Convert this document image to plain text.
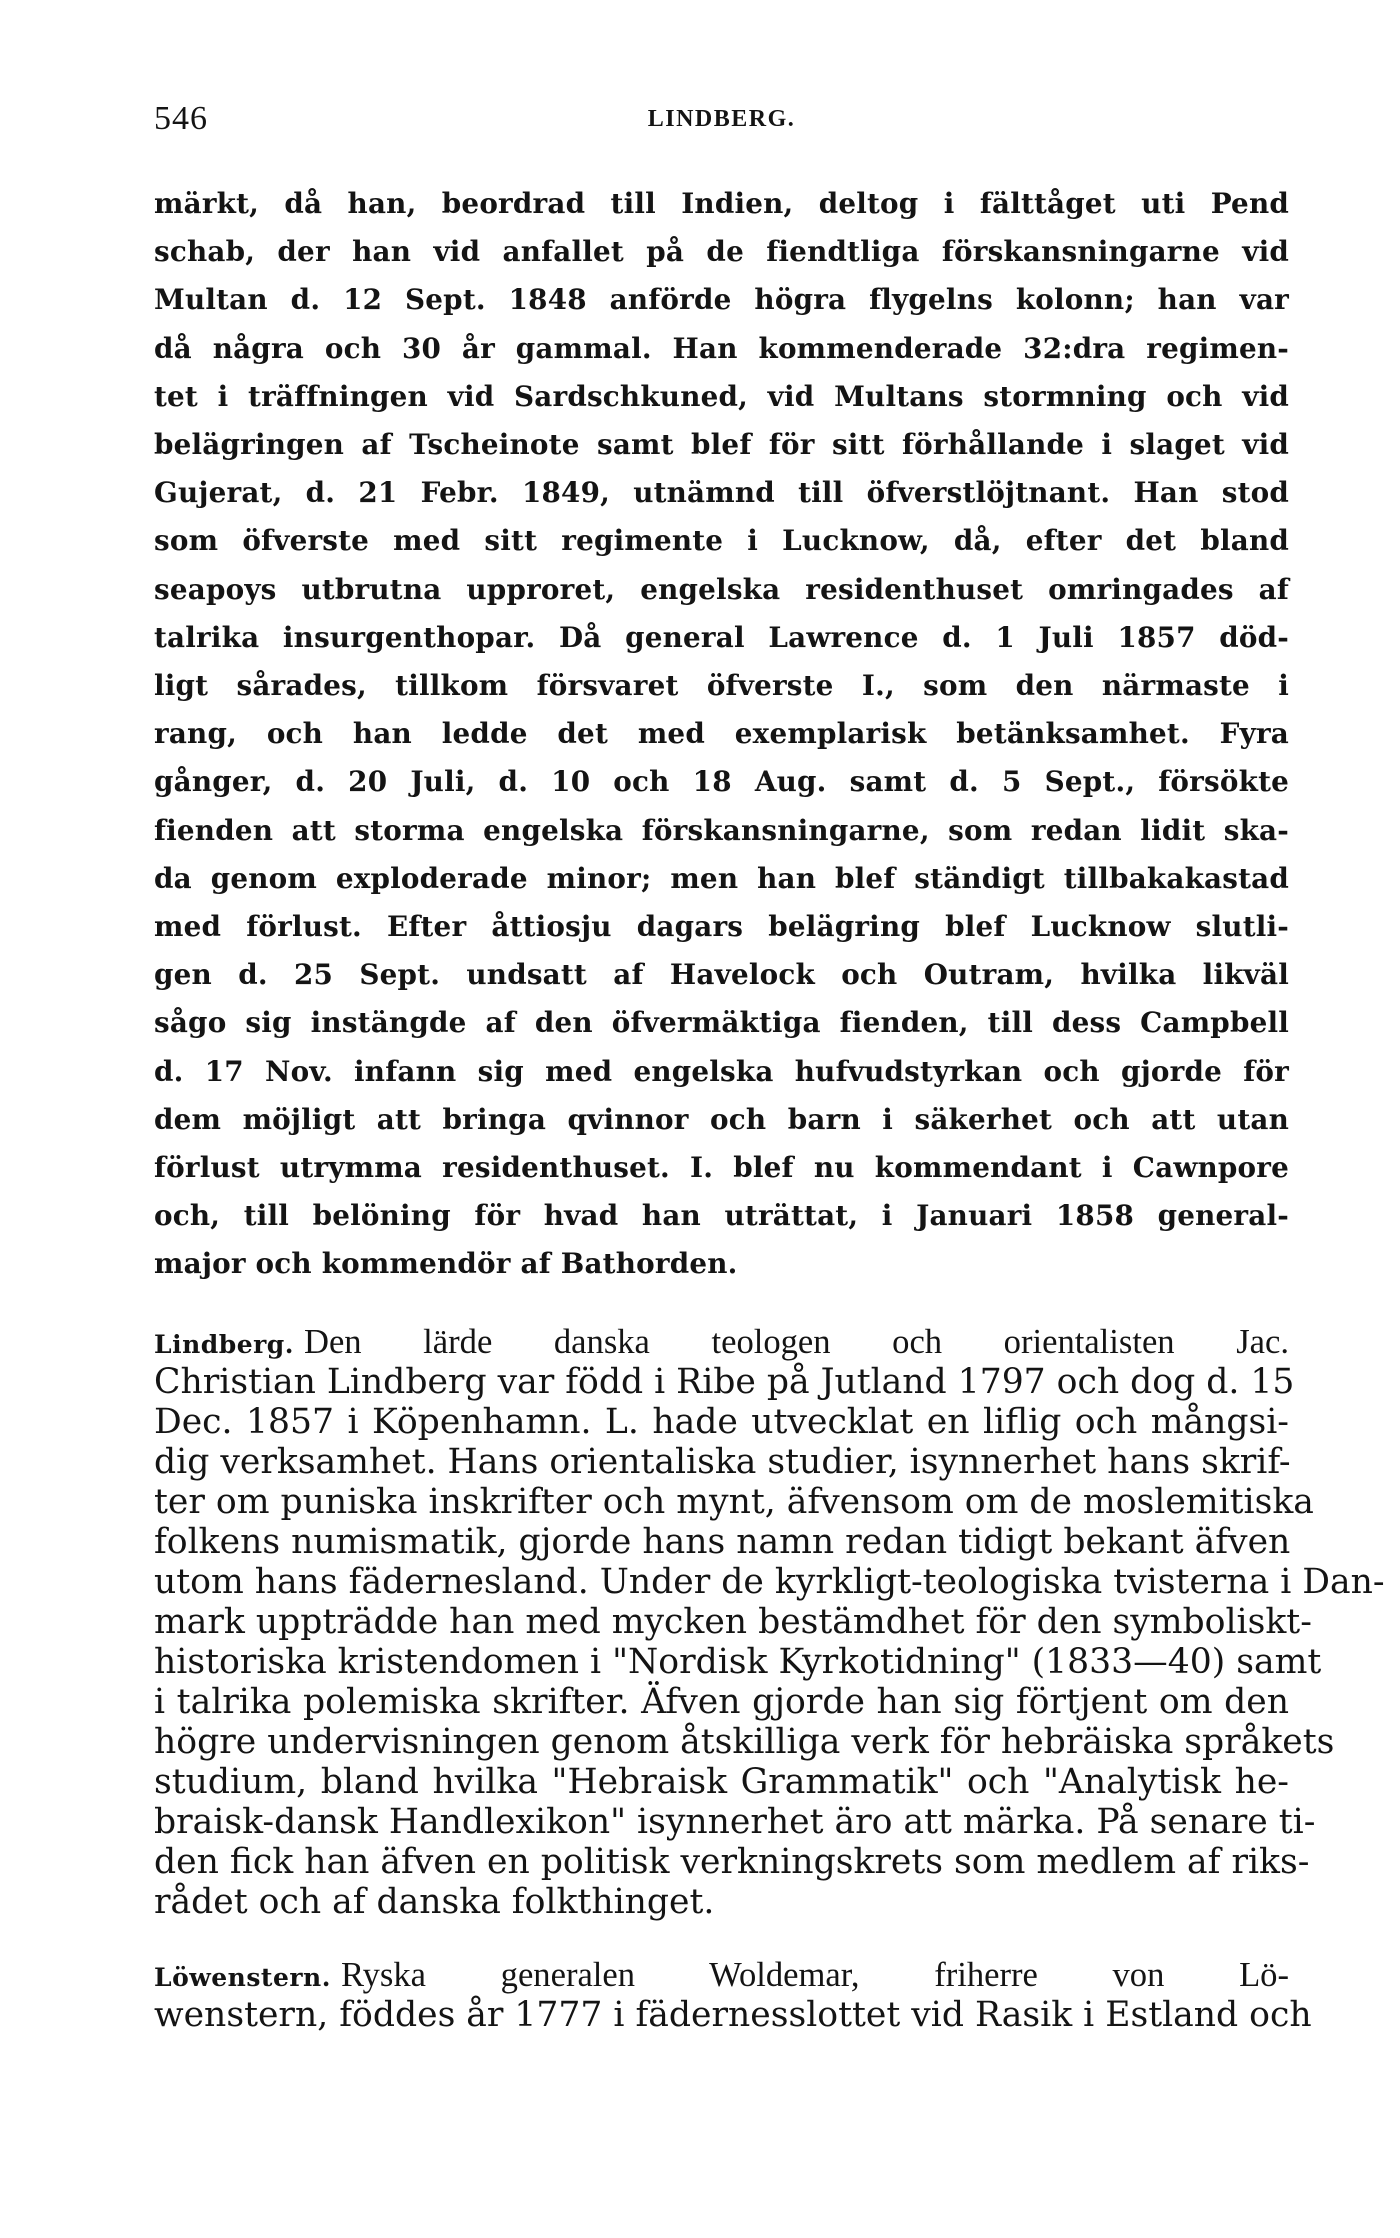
546	LINDBERG.

märkt, då han, beordrad till Indien, deltog i fälttåget uti Pend
schab, der han vid anfallet på de fiendtliga förskansningarne vid
Multan d. 12 Sept. 1848 anförde högra flygelns kolonn; han var
då några och 30 år gammal. Han kommenderade 32:dra regimen-
tet i träffningen vid Sardschkuned, vid Multans stormning och vid
belägringen af Tscheinote samt blef för sitt förhållande i slaget vid
Gujerat, d. 21 Febr. 1849, utnämnd till öfverstlöjtnant. Han stod
som öfverste med sitt regimente i Lucknow, då, efter det bland
seapoys utbrutna upproret, engelska residenthuset omringades af
talrika insurgenthopar. Då general Lawrence d. 1 Juli 1857 död-
ligt sårades, tillkom försvaret öfverste I., som den närmaste i
rang, och han ledde det med exemplarisk betänksamhet. Fyra
gånger, d. 20 Juli, d. 10 och 18 Aug. samt d. 5 Sept., försökte
fienden att storma engelska förskansningarne, som redan lidit ska-
da genom exploderade minor; men han blef ständigt tillbakakastad
med förlust. Efter åttiosju dagars belägring blef Lucknow slutli-
gen d. 25 Sept. undsatt af Havelock och Outram, hvilka likväl
sågo sig instängde af den öfvermäktiga fienden, till dess Campbell
d. 17 Nov. infann sig med engelska hufvudstyrkan och gjorde för
dem möjligt att bringa qvinnor och barn i säkerhet och att utan
förlust utrymma residenthuset. I. blef nu kommendant i Cawnpore
och, till belöning för hvad han uträttat, i Januari 1858 general-
major och kommendör af Bathorden.

Lindberg. Den lärde danska teologen och orientalisten Jac.
Christian Lindberg var född i Ribe på Jutland 1797 och dog d. 15
Dec. 1857 i Köpenhamn. L. hade utvecklat en liflig och mångsi-
dig verksamhet. Hans orientaliska studier, isynnerhet hans skrif-
ter om puniska inskrifter och mynt, äfvensom om de moslemitiska
folkens numismatik, gjorde hans namn redan tidigt bekant äfven
utom hans fädernesland. Under de kyrkligt-teologiska tvisterna i Dan-
mark uppträdde han med mycken bestämdhet för den symboliskt-
historiska kristendomen i "Nordisk Kyrkotidning" (1833—40) samt
i talrika polemiska skrifter. Äfven gjorde han sig förtjent om den
högre undervisningen genom åtskilliga verk för hebräiska språkets
studium, bland hvilka "Hebraisk Grammatik" och "Analytisk he-
braisk-dansk Handlexikon" isynnerhet äro att märka. På senare ti-
den fick han äfven en politisk verkningskrets som medlem af riks-
rådet och af danska folkthinget.
Löwenstern. Ryska generalen Woldemar, friherre von Lö-
wenstern, föddes år 1777 i fädernesslottet vid Rasik i Estland och
